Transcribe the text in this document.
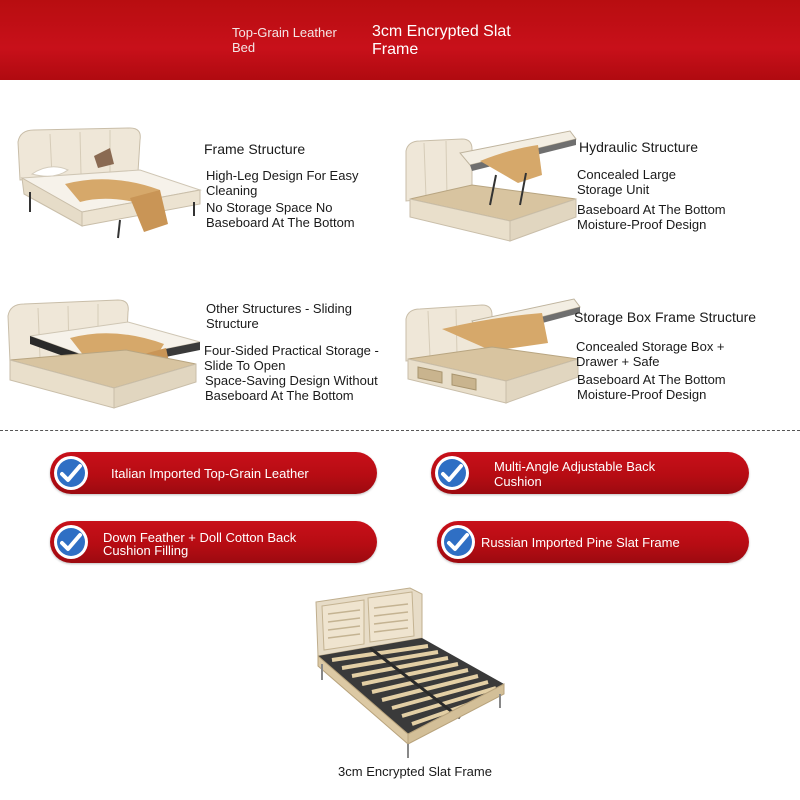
Top-Grain Leather Bed
3cm Encrypted Slat Frame
Frame Structure
High-Leg Design For Easy Cleaning
No Storage Space No Baseboard At The Bottom
Hydraulic Structure
Concealed Large Storage Unit
Baseboard At The Bottom Moisture-Proof Design
Other Structures - Sliding Structure
Four-Sided Practical Storage - Slide To Open
Space-Saving Design Without Baseboard At The Bottom
Storage Box Frame Structure
Concealed Storage Box + Drawer + Safe
Baseboard At The Bottom Moisture-Proof Design
Italian Imported Top-Grain Leather	Multi-Angle Adjustable Back Cushion
Down Feather + Doll Cotton Back Cushion Filling
Russian Imported Pine Slat Frame
3cm Encrypted Slat Frame
